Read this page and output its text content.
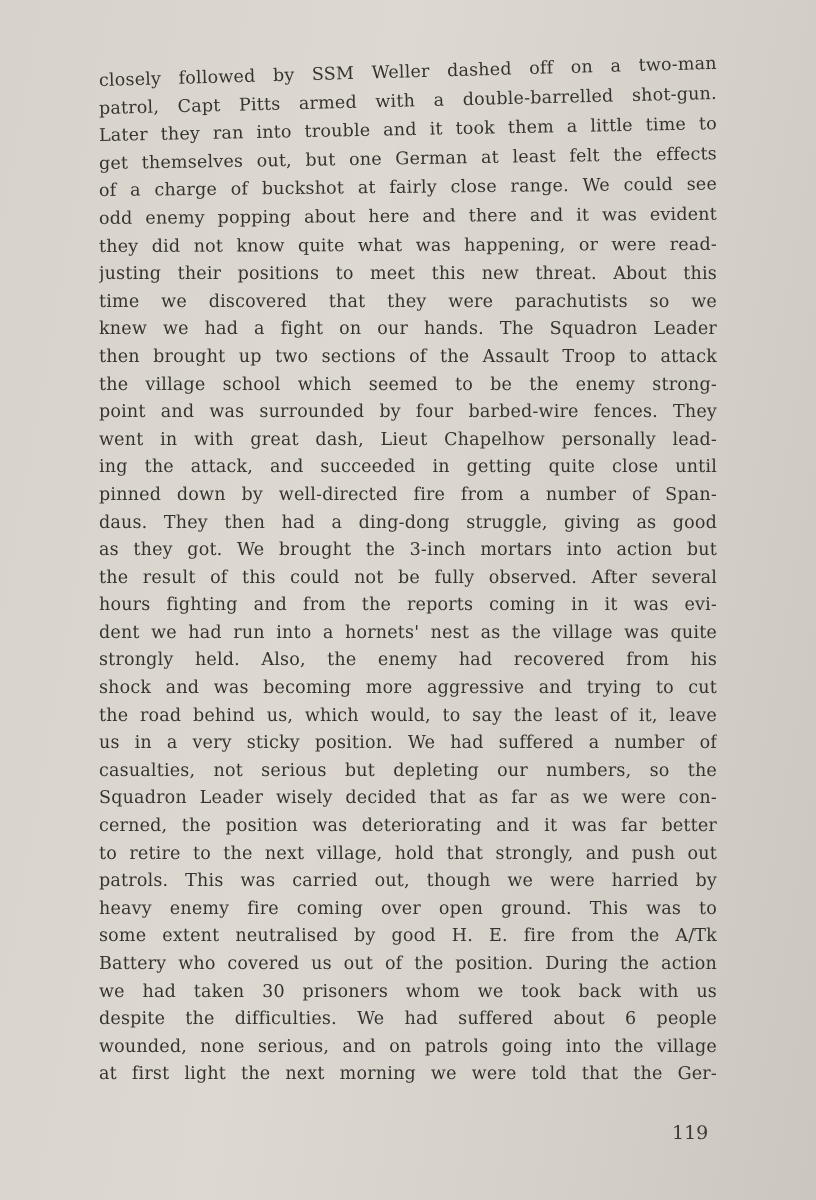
closely followed by SSM Weller dashed off on a two-man
patrol, Capt Pitts armed with a double-barrelled shot-gun.
Later they ran into trouble and it took them a little time to
get themselves out, but one German at least felt the effects
of a charge of buckshot at fairly close range. We could see
odd enemy popping about here and there and it was evident
they did not know quite what was happening, or were read-
justing their positions to meet this new threat. About this
time we discovered that they were parachutists so we
knew we had a fight on our hands. The Squadron Leader
then brought up two sections of the Assault Troop to attack
the village school which seemed to be the enemy strong-
point and was surrounded by four barbed-wire fences. They
went in with great dash, Lieut Chapelhow personally lead-
ing the attack, and succeeded in getting quite close until
pinned down by well-directed fire from a number of Span-
daus. They then had a ding-dong struggle, giving as good
as they got. We brought the 3-inch mortars into action but
the result of this could not be fully observed. After several
hours fighting and from the reports coming in it was evi-
dent we had run into a hornets' nest as the village was quite
strongly held. Also, the enemy had recovered from his
shock and was becoming more aggressive and trying to cut
the road behind us, which would, to say the least of it, leave
us in a very sticky position. We had suffered a number of
casualties, not serious but depleting our numbers, so the
Squadron Leader wisely decided that as far as we were con-
cerned, the position was deteriorating and it was far better
to retire to the next village, hold that strongly, and push out
patrols. This was carried out, though we were harried by
heavy enemy fire coming over open ground. This was to
some extent neutralised by good H. E. fire from the A/Tk
Battery who covered us out of the position. During the action
we had taken 30 prisoners whom we took back with us
despite the difficulties. We had suffered about 6 people
wounded, none serious, and on patrols going into the village
at first light the next morning we were told that the Ger-
119
